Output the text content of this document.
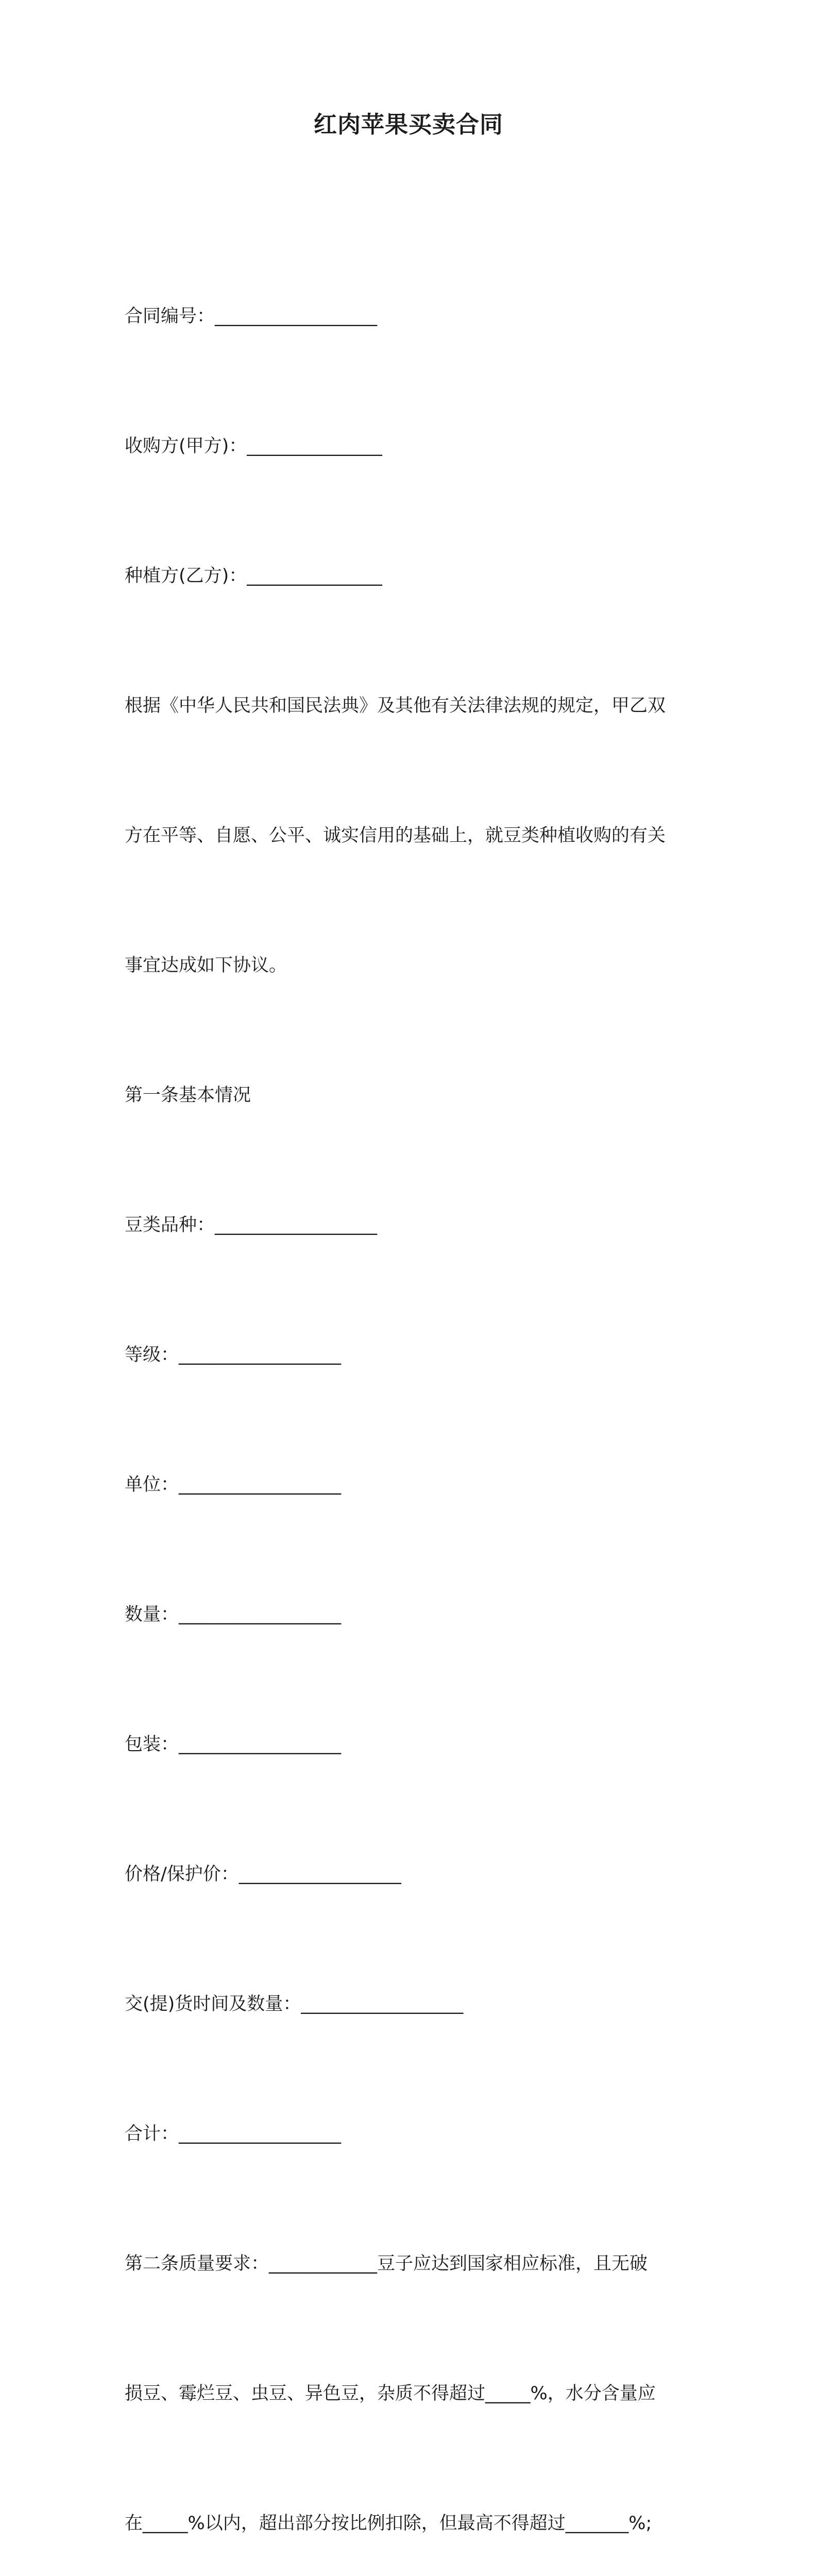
红肉苹果买卖合同

合同编号：__________________

收购方(甲方)：_______________

种植方(乙方)：_______________

根据《中华人民共和国民法典》及其他有关法律法规的规定，甲乙双

方在平等、自愿、公平、诚实信用的基础上，就豆类种植收购的有关

事宜达成如下协议。

第一条基本情况

豆类品种：__________________

等级：__________________

单位：__________________

数量：__________________

包装：__________________

价格/保护价：__________________

交(提)货时间及数量：__________________

合计：__________________

第二条质量要求：____________豆子应达到国家相应标准，且无破

损豆、霉烂豆、虫豆、异色豆，杂质不得超过_____%，水分含量应

在_____%以内，超出部分按比例扣除，但最高不得超过_______%;
